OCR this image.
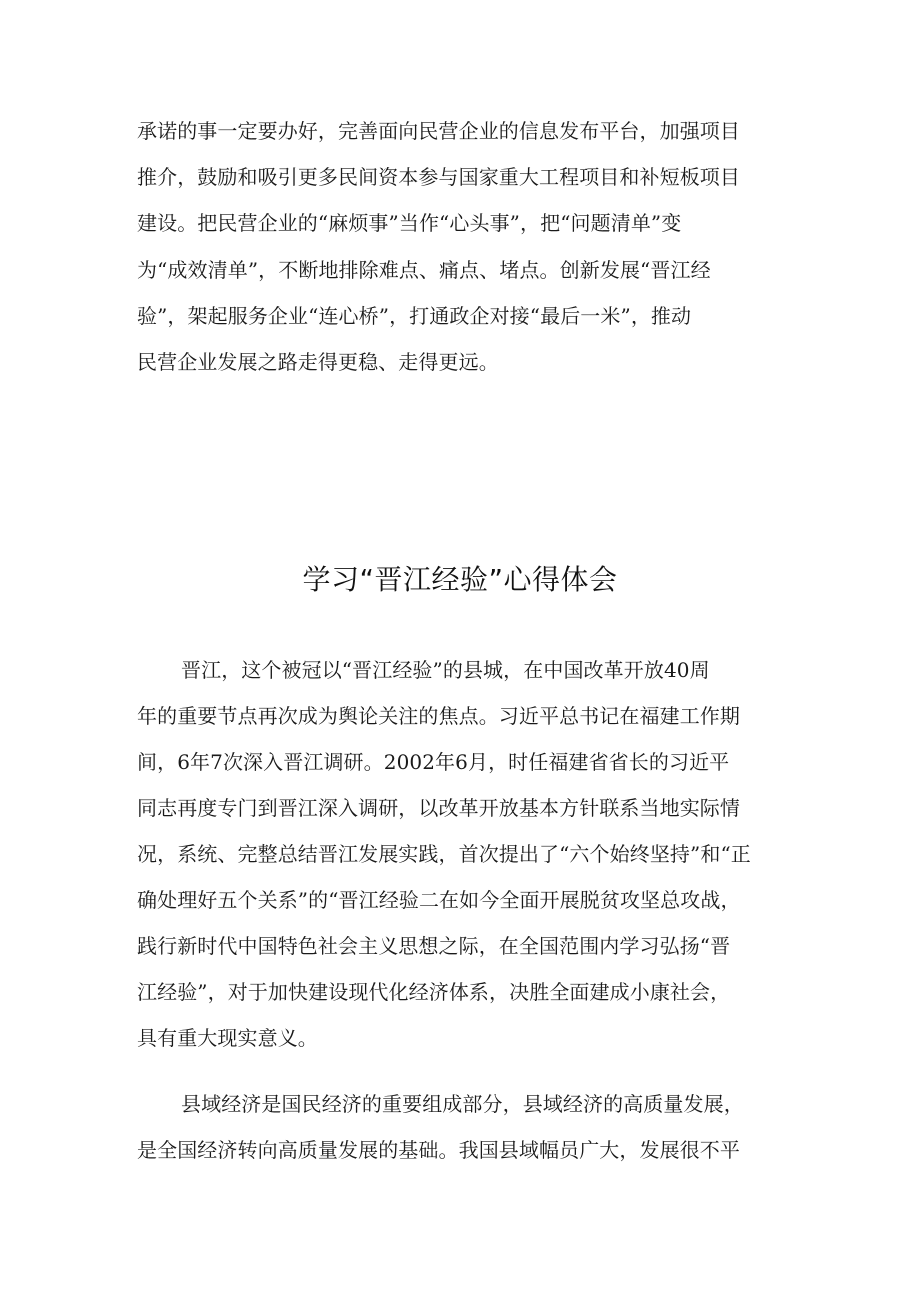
承诺的事一定要办好，完善面向民营企业的信息发布平台，加强项目
推介，鼓励和吸引更多民间资本参与国家重大工程项目和补短板项目
建设。把民营企业的“麻烦事”当作“心头事”，把“问题清单”变
为“成效清单”，不断地排除难点、痛点、堵点。创新发展“晋江经
验”，架起服务企业“连心桥”，打通政企对接“最后一米”，推动
民营企业发展之路走得更稳、走得更远。
学习“晋江经验”心得体会
晋江，这个被冠以“晋江经验”的县城，在中国改革开放40周
年的重要节点再次成为舆论关注的焦点。习近平总书记在福建工作期
间，6年7次深入晋江调研。2002年6月，时任福建省省长的习近平
同志再度专门到晋江深入调研，以改革开放基本方针联系当地实际情
况，系统、完整总结晋江发展实践，首次提出了“六个始终坚持”和“正
确处理好五个关系”的“晋江经验二在如今全面开展脱贫攻坚总攻战，
践行新时代中国特色社会主义思想之际，在全国范围内学习弘扬“晋
江经验”，对于加快建设现代化经济体系，决胜全面建成小康社会，
具有重大现实意义。
县域经济是国民经济的重要组成部分，县域经济的高质量发展，
是全国经济转向高质量发展的基础。我国县域幅员广大，发展很不平
